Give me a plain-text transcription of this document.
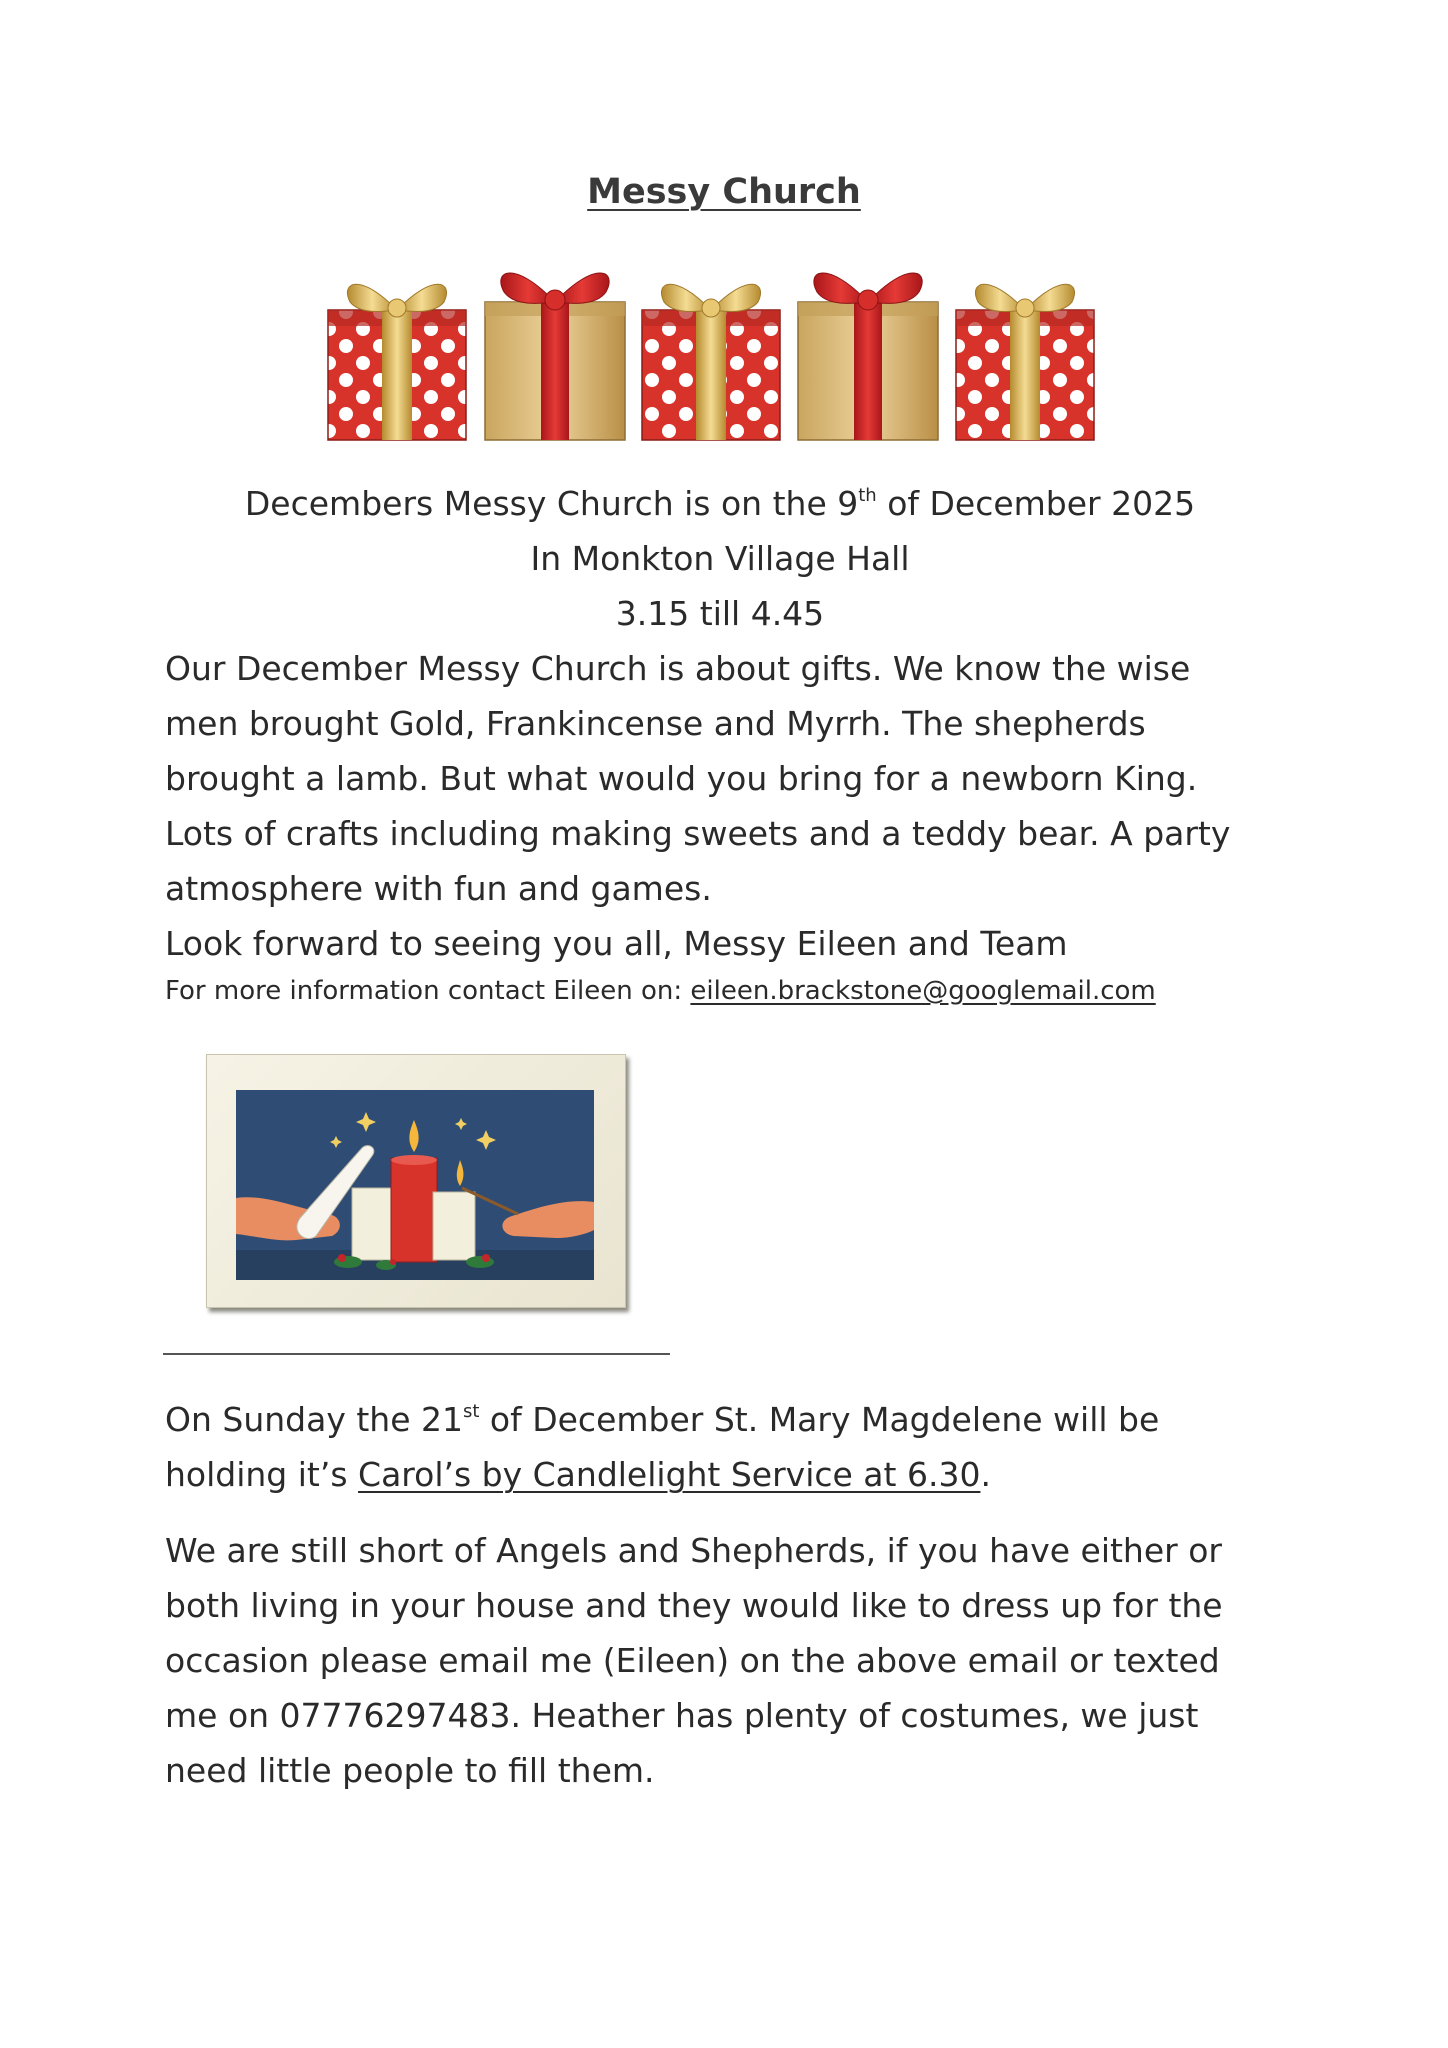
Messy Church
Decembers Messy Church is on the 9th of December 2025
In Monkton Village Hall
3.15 till 4.45
Our December Messy Church is about gifts. We know the wise
men brought Gold, Frankincense and Myrrh. The shepherds
brought a lamb. But what would you bring for a newborn King.
Lots of crafts including making sweets and a teddy bear. A party
atmosphere with fun and games.
Look forward to seeing you all, Messy Eileen and Team
For more information contact Eileen on: eileen.brackstone@googlemail.com
On Sunday the 21st of December St. Mary Magdelene will be
holding it’s Carol’s by Candlelight Service at 6.30.
We are still short of Angels and Shepherds, if you have either or
both living in your house and they would like to dress up for the
occasion please email me (Eileen) on the above email or texted
me on 07776297483. Heather has plenty of costumes, we just
need little people to fill them.
